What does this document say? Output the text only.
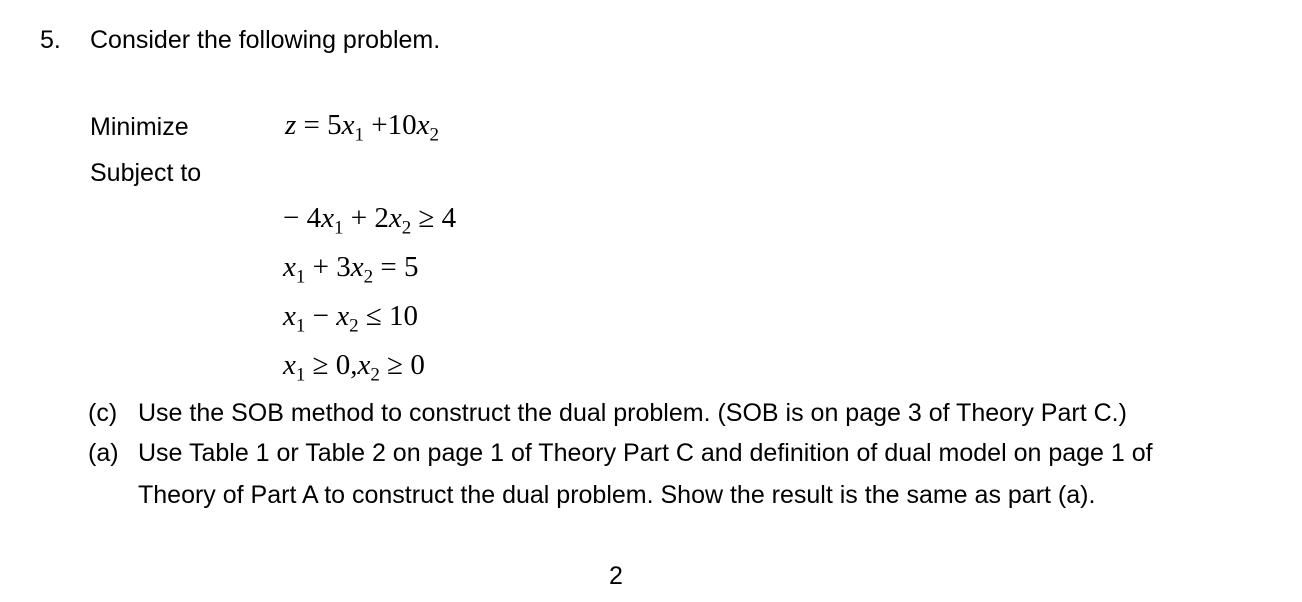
5. Consider the following problem.
Minimize	$z = 5x_1 +10x_2$
Subject to
− $4x_1 + 2x_2 \ge 4$
$x_1 + 3x_2 = 5$
$x_1 - x_2 \le 10$
$x_1 \ge 0,x_2 \ge 0$
(c) Use the SOB method to construct the dual problem. (SOB is on page 3 of Theory Part C.)
(a) Use Table 1 or Table 2 on page 1 of Theory Part C and definition of dual model on page 1 of
Theory of Part A to construct the dual problem. Show the result is the same as part (a).
2
